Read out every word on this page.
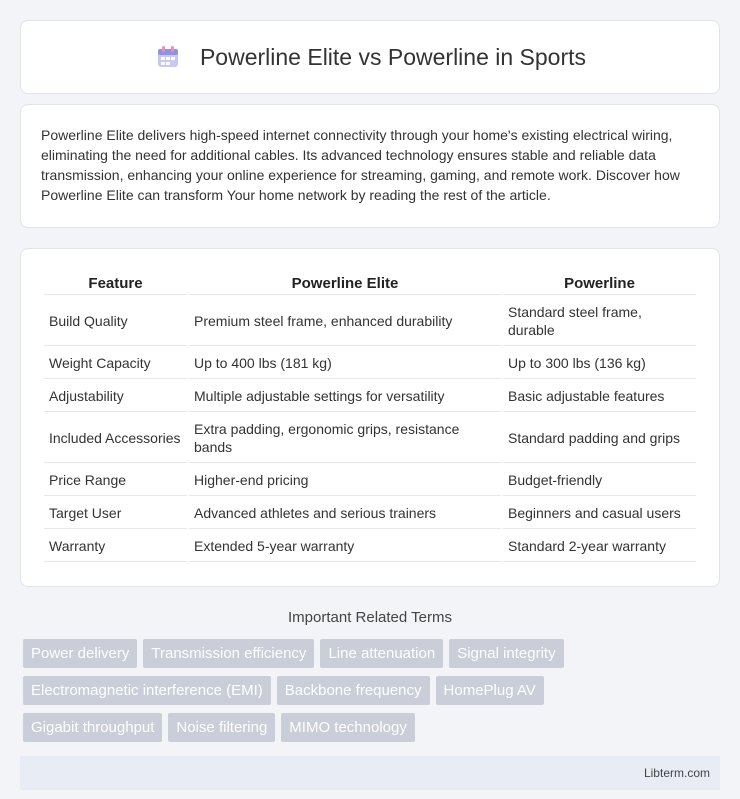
Powerline Elite vs Powerline in Sports

Powerline Elite delivers high-speed internet connectivity through your home's existing electrical wiring, eliminating the need for additional cables. Its advanced technology ensures stable and reliable data transmission, enhancing your online experience for streaming, gaming, and remote work. Discover how Powerline Elite can transform Your home network by reading the rest of the article.

Feature	Powerline Elite	Powerline
Build Quality	Premium steel frame, enhanced durability	Standard steel frame, durable
Weight Capacity	Up to 400 lbs (181 kg)	Up to 300 lbs (136 kg)
Adjustability	Multiple adjustable settings for versatility	Basic adjustable features
Included Accessories	Extra padding, ergonomic grips, resistance bands	Standard padding and grips
Price Range	Higher-end pricing	Budget-friendly
Target User	Advanced athletes and serious trainers	Beginners and casual users
Warranty	Extended 5-year warranty	Standard 2-year warranty
Important Related Terms
Power delivery	Transmission efficiency	Line attenuation	Signal integrity
Electromagnetic interference (EMI)	Backbone frequency	HomePlug AV
Gigabit throughput	Noise filtering	MIMO technology
Libterm.com
